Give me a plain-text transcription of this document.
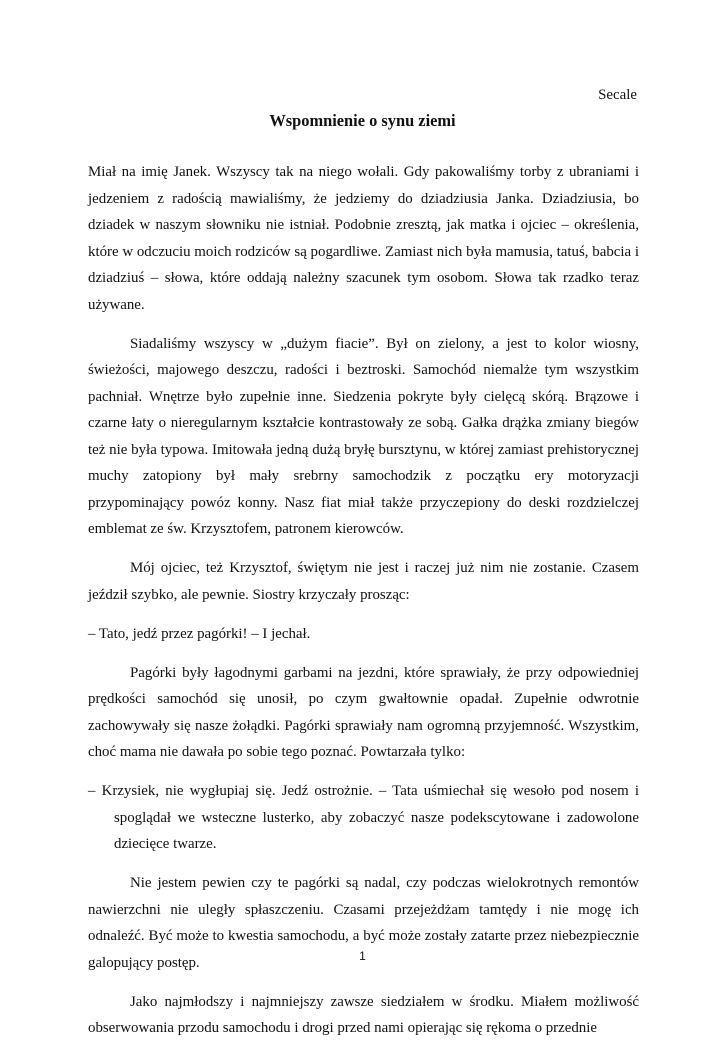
Secale
Wspomnienie o synu ziemi

Miał na imię Janek. Wszyscy tak na niego wołali. Gdy pakowaliśmy torby z ubraniami i jedzeniem z radością mawialiśmy, że jedziemy do dziadziusia Janka. Dziadziusia, bo dziadek w naszym słowniku nie istniał. Podobnie zresztą, jak matka i ojciec – określenia, które w odczuciu moich rodziców są pogardliwe. Zamiast nich była mamusia, tatuś, babcia i dziadziuś – słowa, które oddają należny szacunek tym osobom. Słowa tak rzadko teraz używane.

Siadaliśmy wszyscy w „dużym fiacie”. Był on zielony, a jest to kolor wiosny, świeżości, majowego deszczu, radości i beztroski. Samochód niemalże tym wszystkim pachniał. Wnętrze było zupełnie inne. Siedzenia pokryte były cielęcą skórą. Brązowe i czarne łaty o nieregularnym kształcie kontrastowały ze sobą. Gałka drążka zmiany biegów też nie była typowa. Imitowała jedną dużą bryłę bursztynu, w której zamiast prehistorycznej muchy zatopiony był mały srebrny samochodzik z początku ery motoryzacji przypominający powóz konny. Nasz fiat miał także przyczepiony do deski rozdzielczej emblemat ze św. Krzysztofem, patronem kierowców.

Mój ojciec, też Krzysztof, świętym nie jest i raczej już nim nie zostanie. Czasem jeździł szybko, ale pewnie. Siostry krzyczały prosząc:

– Tato, jedź przez pagórki! – I jechał.

Pagórki były łagodnymi garbami na jezdni, które sprawiały, że przy odpowiedniej prędkości samochód się unosił, po czym gwałtownie opadał. Zupełnie odwrotnie zachowywały się nasze żołądki. Pagórki sprawiały nam ogromną przyjemność. Wszystkim, choć mama nie dawała po sobie tego poznać. Powtarzała tylko:

– Krzysiek, nie wygłupiaj się. Jedź ostrożnie. – Tata uśmiechał się wesoło pod nosem i spoglądał we wsteczne lusterko, aby zobaczyć nasze podekscytowane i zadowolone dziecięce twarze.

Nie jestem pewien czy te pagórki są nadal, czy podczas wielokrotnych remontów nawierzchni nie uległy spłaszczeniu. Czasami przejeżdżam tamtędy i nie mogę ich odnaleźć. Być może to kwestia samochodu, a być może zostały zatarte przez niebezpiecznie galopujący postęp.

Jako najmłodszy i najmniejszy zawsze siedziałem w środku. Miałem możliwość obserwowania przodu samochodu i drogi przed nami opierając się rękoma o przednie

1
